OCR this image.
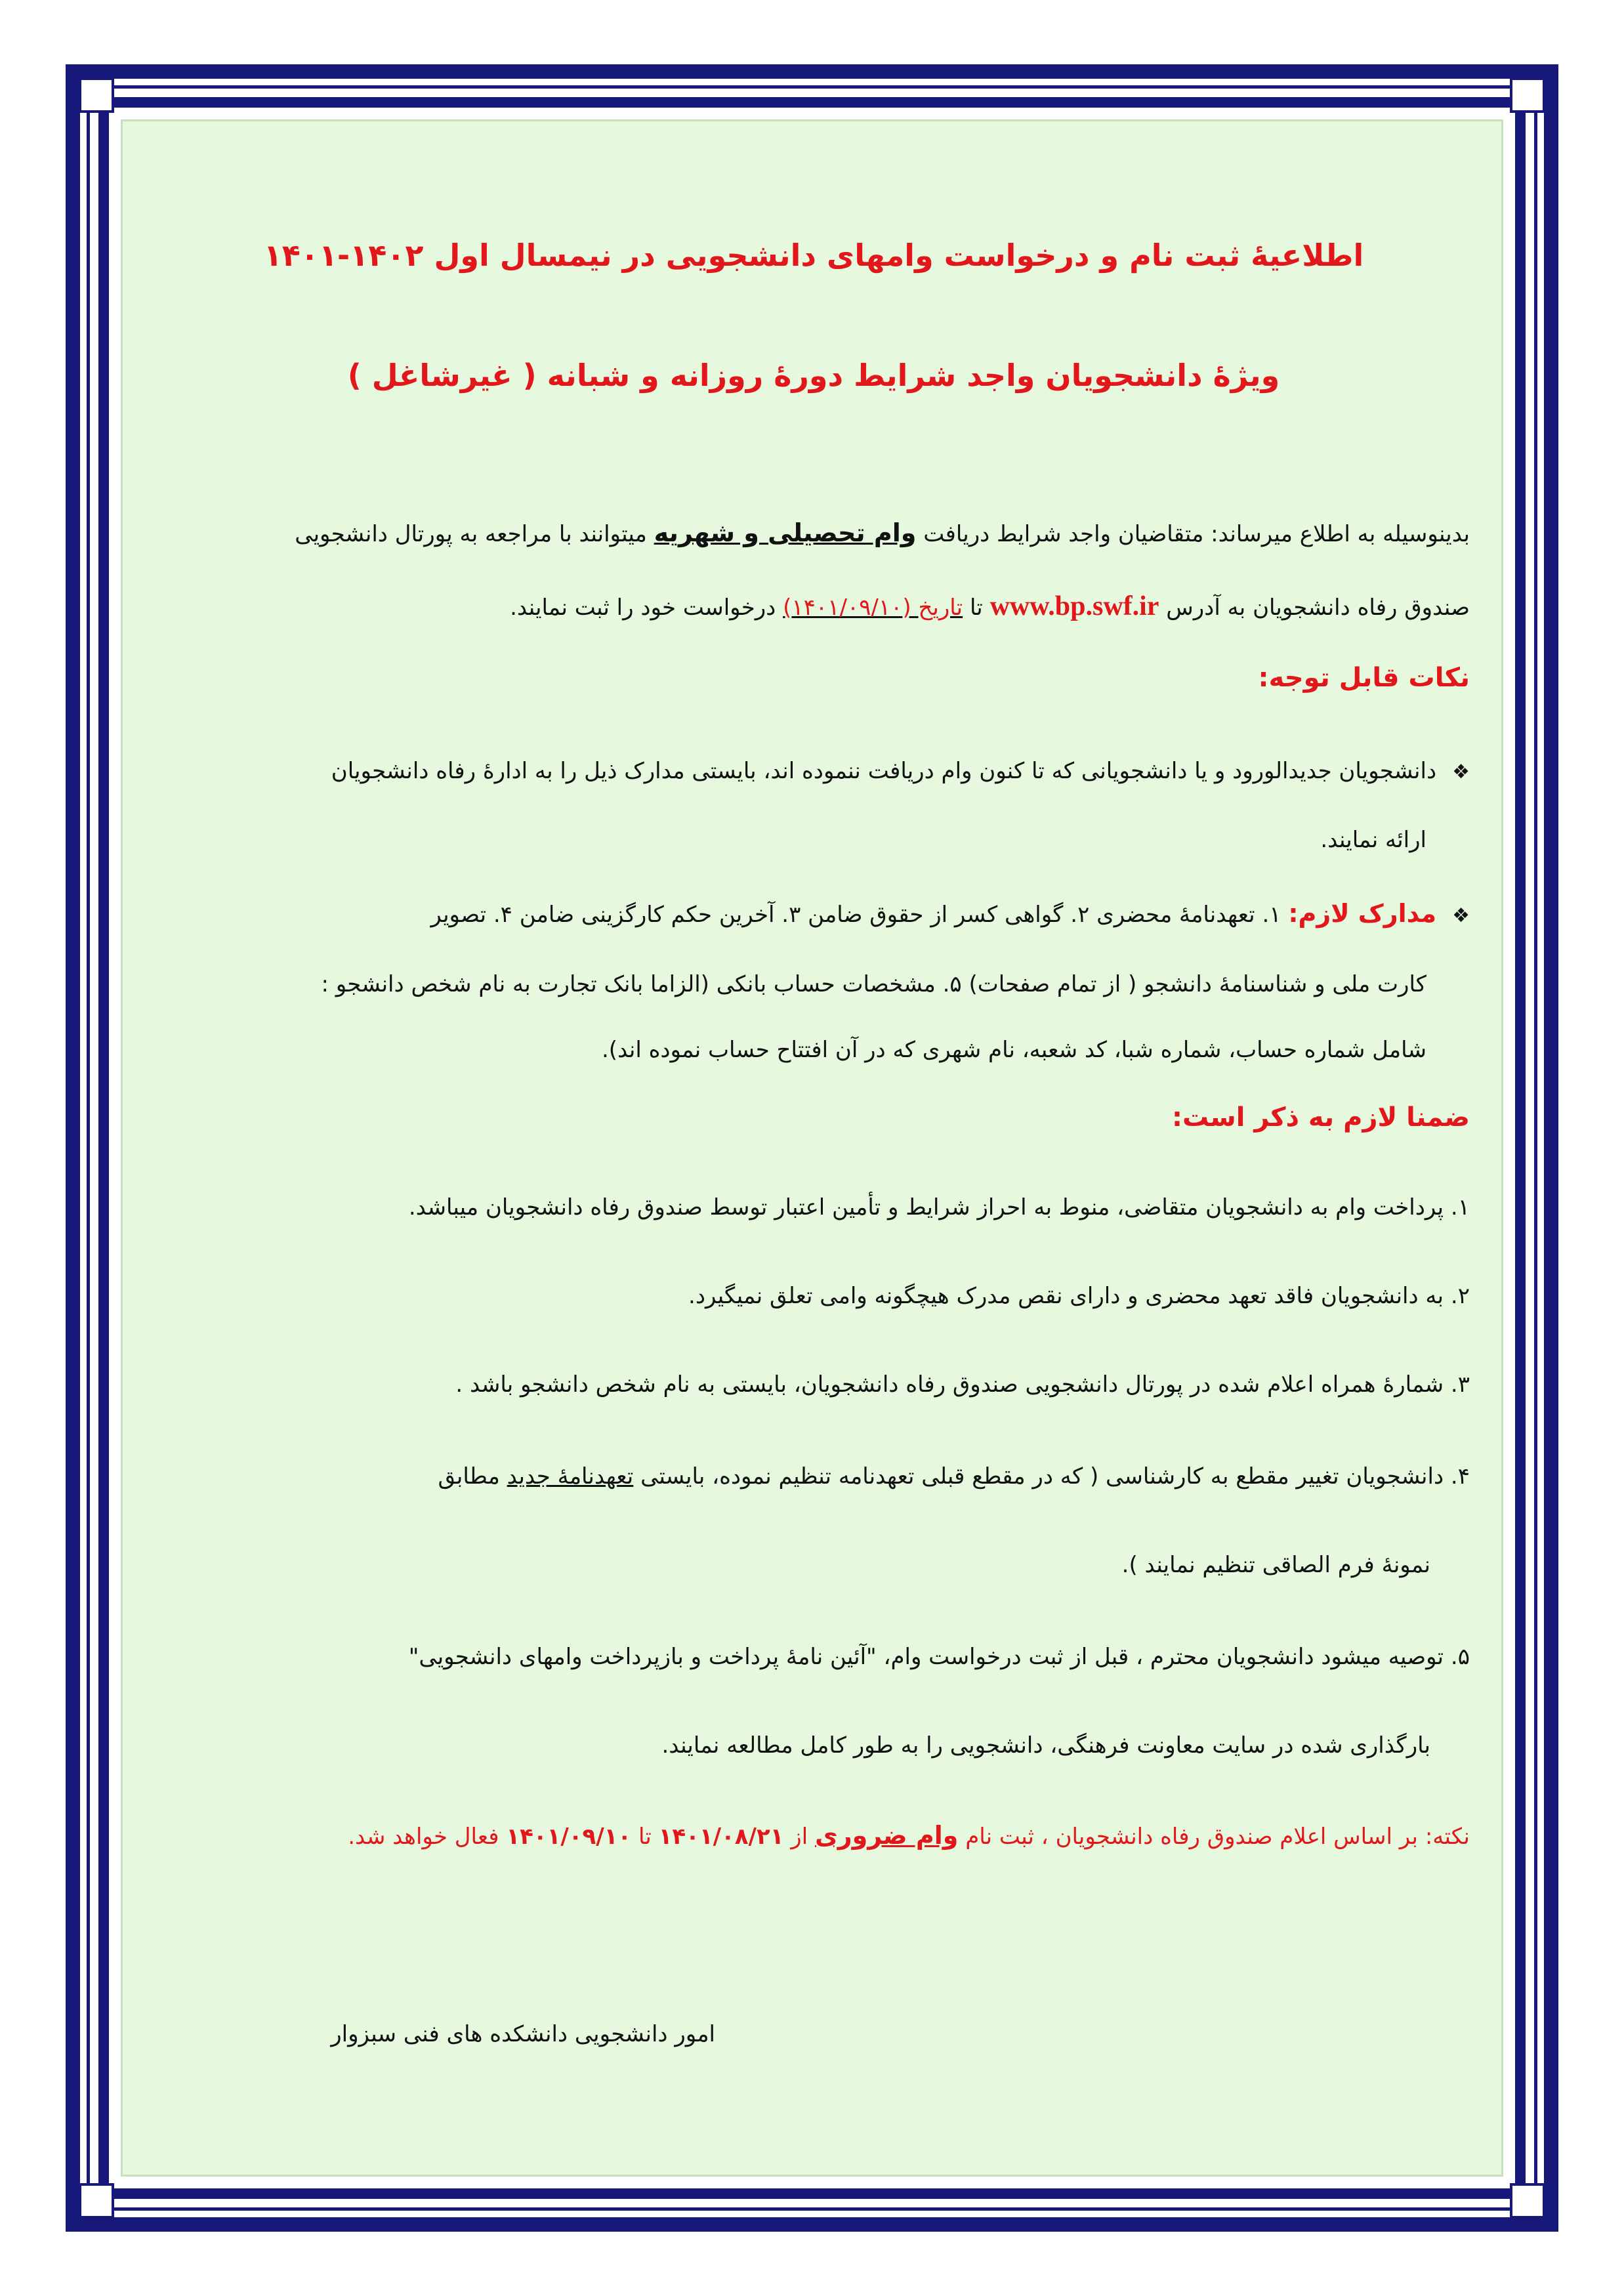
اطلاعیهٔ ثبت نام و درخواست وامهای دانشجویی در نیمسال اول ۱۴۰۲-۱۴۰۱
ویژهٔ دانشجویان واجد شرایط دورهٔ روزانه و شبانه ( غیرشاغل )
بدینوسیله به اطلاع میرساند: متقاضیان واجد شرایط دریافت وام تحصیلی و شهریه میتوانند با مراجعه به پورتال دانشجویی
صندوق رفاه دانشجویان به آدرس www.bp.swf.ir تا تاریخ (۱۴۰۱/۰۹/۱۰) درخواست خود را ثبت نمایند.
نکات قابل توجه:
❖دانشجویان جدیدالورود و یا دانشجویانی که تا کنون وام دریافت ننموده اند، بایستی مدارک ذیل را به ادارهٔ رفاه دانشجویان
ارائه نمایند.
❖مدارک لازم: ۱. تعهدنامهٔ محضری ۲. گواهی کسر از حقوق ضامن ۳. آخرین حکم کارگزینی ضامن ۴. تصویر
کارت ملی و شناسنامهٔ دانشجو ( از تمام صفحات) ۵. مشخصات حساب بانکی (الزاما بانک تجارت به نام شخص دانشجو :
شامل شماره حساب، شماره شبا، کد شعبه، نام شهری که در آن افتتاح حساب نموده اند).
ضمنا لازم به ذکر است:
۱. پرداخت وام به دانشجویان متقاضی، منوط به احراز شرایط و تأمین اعتبار توسط صندوق رفاه دانشجویان میباشد.
۲. به دانشجویان فاقد تعهد محضری و دارای نقص مدرک هیچگونه وامی تعلق نمیگیرد.
۳. شمارهٔ همراه اعلام شده در پورتال دانشجویی صندوق رفاه دانشجویان، بایستی به نام شخص دانشجو باشد .
۴. دانشجویان تغییر مقطع به کارشناسی ( که در مقطع قبلی تعهدنامه تنظیم نموده، بایستی تعهدنامهٔ جدید مطابق
نمونهٔ فرم الصاقی تنظیم نمایند ).
۵. توصیه میشود دانشجویان محترم ، قبل از ثبت درخواست وام، "آئین نامهٔ پرداخت و بازپرداخت وامهای دانشجویی"
بارگذاری شده در سایت معاونت فرهنگی، دانشجویی را به طور کامل مطالعه نمایند.
نکته: بر اساس اعلام صندوق رفاه دانشجویان ، ثبت نام وام ضروری از ۱۴۰۱/۰۸/۲۱ تا ۱۴۰۱/۰۹/۱۰ فعال خواهد شد.
امور دانشجویی دانشکده های فنی سبزوار
